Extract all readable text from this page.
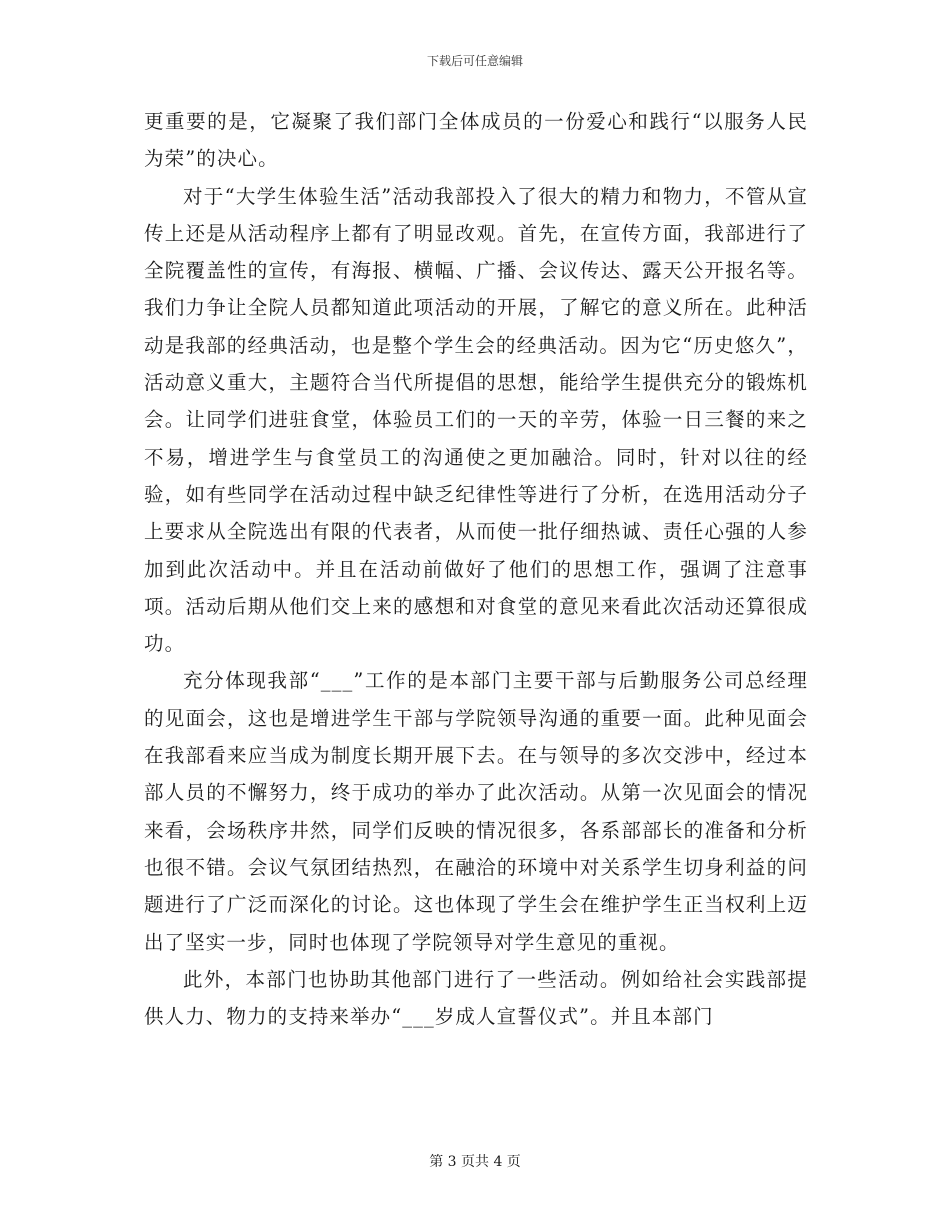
下载后可任意编辑

更重要的是，它凝聚了我们部门全体成员的一份爱心和践行“以服务人民为荣”的决心。

对于“大学生体验生活”活动我部投入了很大的精力和物力，不管从宣传上还是从活动程序上都有了明显改观。首先，在宣传方面，我部进行了全院覆盖性的宣传，有海报、横幅、广播、会议传达、露天公开报名等。我们力争让全院人员都知道此项活动的开展，了解它的意义所在。此种活动是我部的经典活动，也是整个学生会的经典活动。因为它“历史悠久”，活动意义重大，主题符合当代所提倡的思想，能给学生提供充分的锻炼机会。让同学们进驻食堂，体验员工们的一天的辛劳，体验一日三餐的来之不易，增进学生与食堂员工的沟通使之更加融洽。同时，针对以往的经验，如有些同学在活动过程中缺乏纪律性等进行了分析，在选用活动分子上要求从全院选出有限的代表者，从而使一批仔细热诚、责任心强的人参加到此次活动中。并且在活动前做好了他们的思想工作，强调了注意事项。活动后期从他们交上来的感想和对食堂的意见来看此次活动还算很成功。

充分体现我部“___”工作的是本部门主要干部与后勤服务公司总经理的见面会，这也是增进学生干部与学院领导沟通的重要一面。此种见面会在我部看来应当成为制度长期开展下去。在与领导的多次交涉中，经过本部人员的不懈努力，终于成功的举办了此次活动。从第一次见面会的情况来看，会场秩序井然，同学们反映的情况很多，各系部部长的准备和分析也很不错。会议气氛团结热烈，在融洽的环境中对关系学生切身利益的问题进行了广泛而深化的讨论。这也体现了学生会在维护学生正当权利上迈出了坚实一步，同时也体现了学院领导对学生意见的重视。

此外，本部门也协助其他部门进行了一些活动。例如给社会实践部提供人力、物力的支持来举办“___岁成人宣誓仪式”。并且本部门

第 3 页共 4 页
